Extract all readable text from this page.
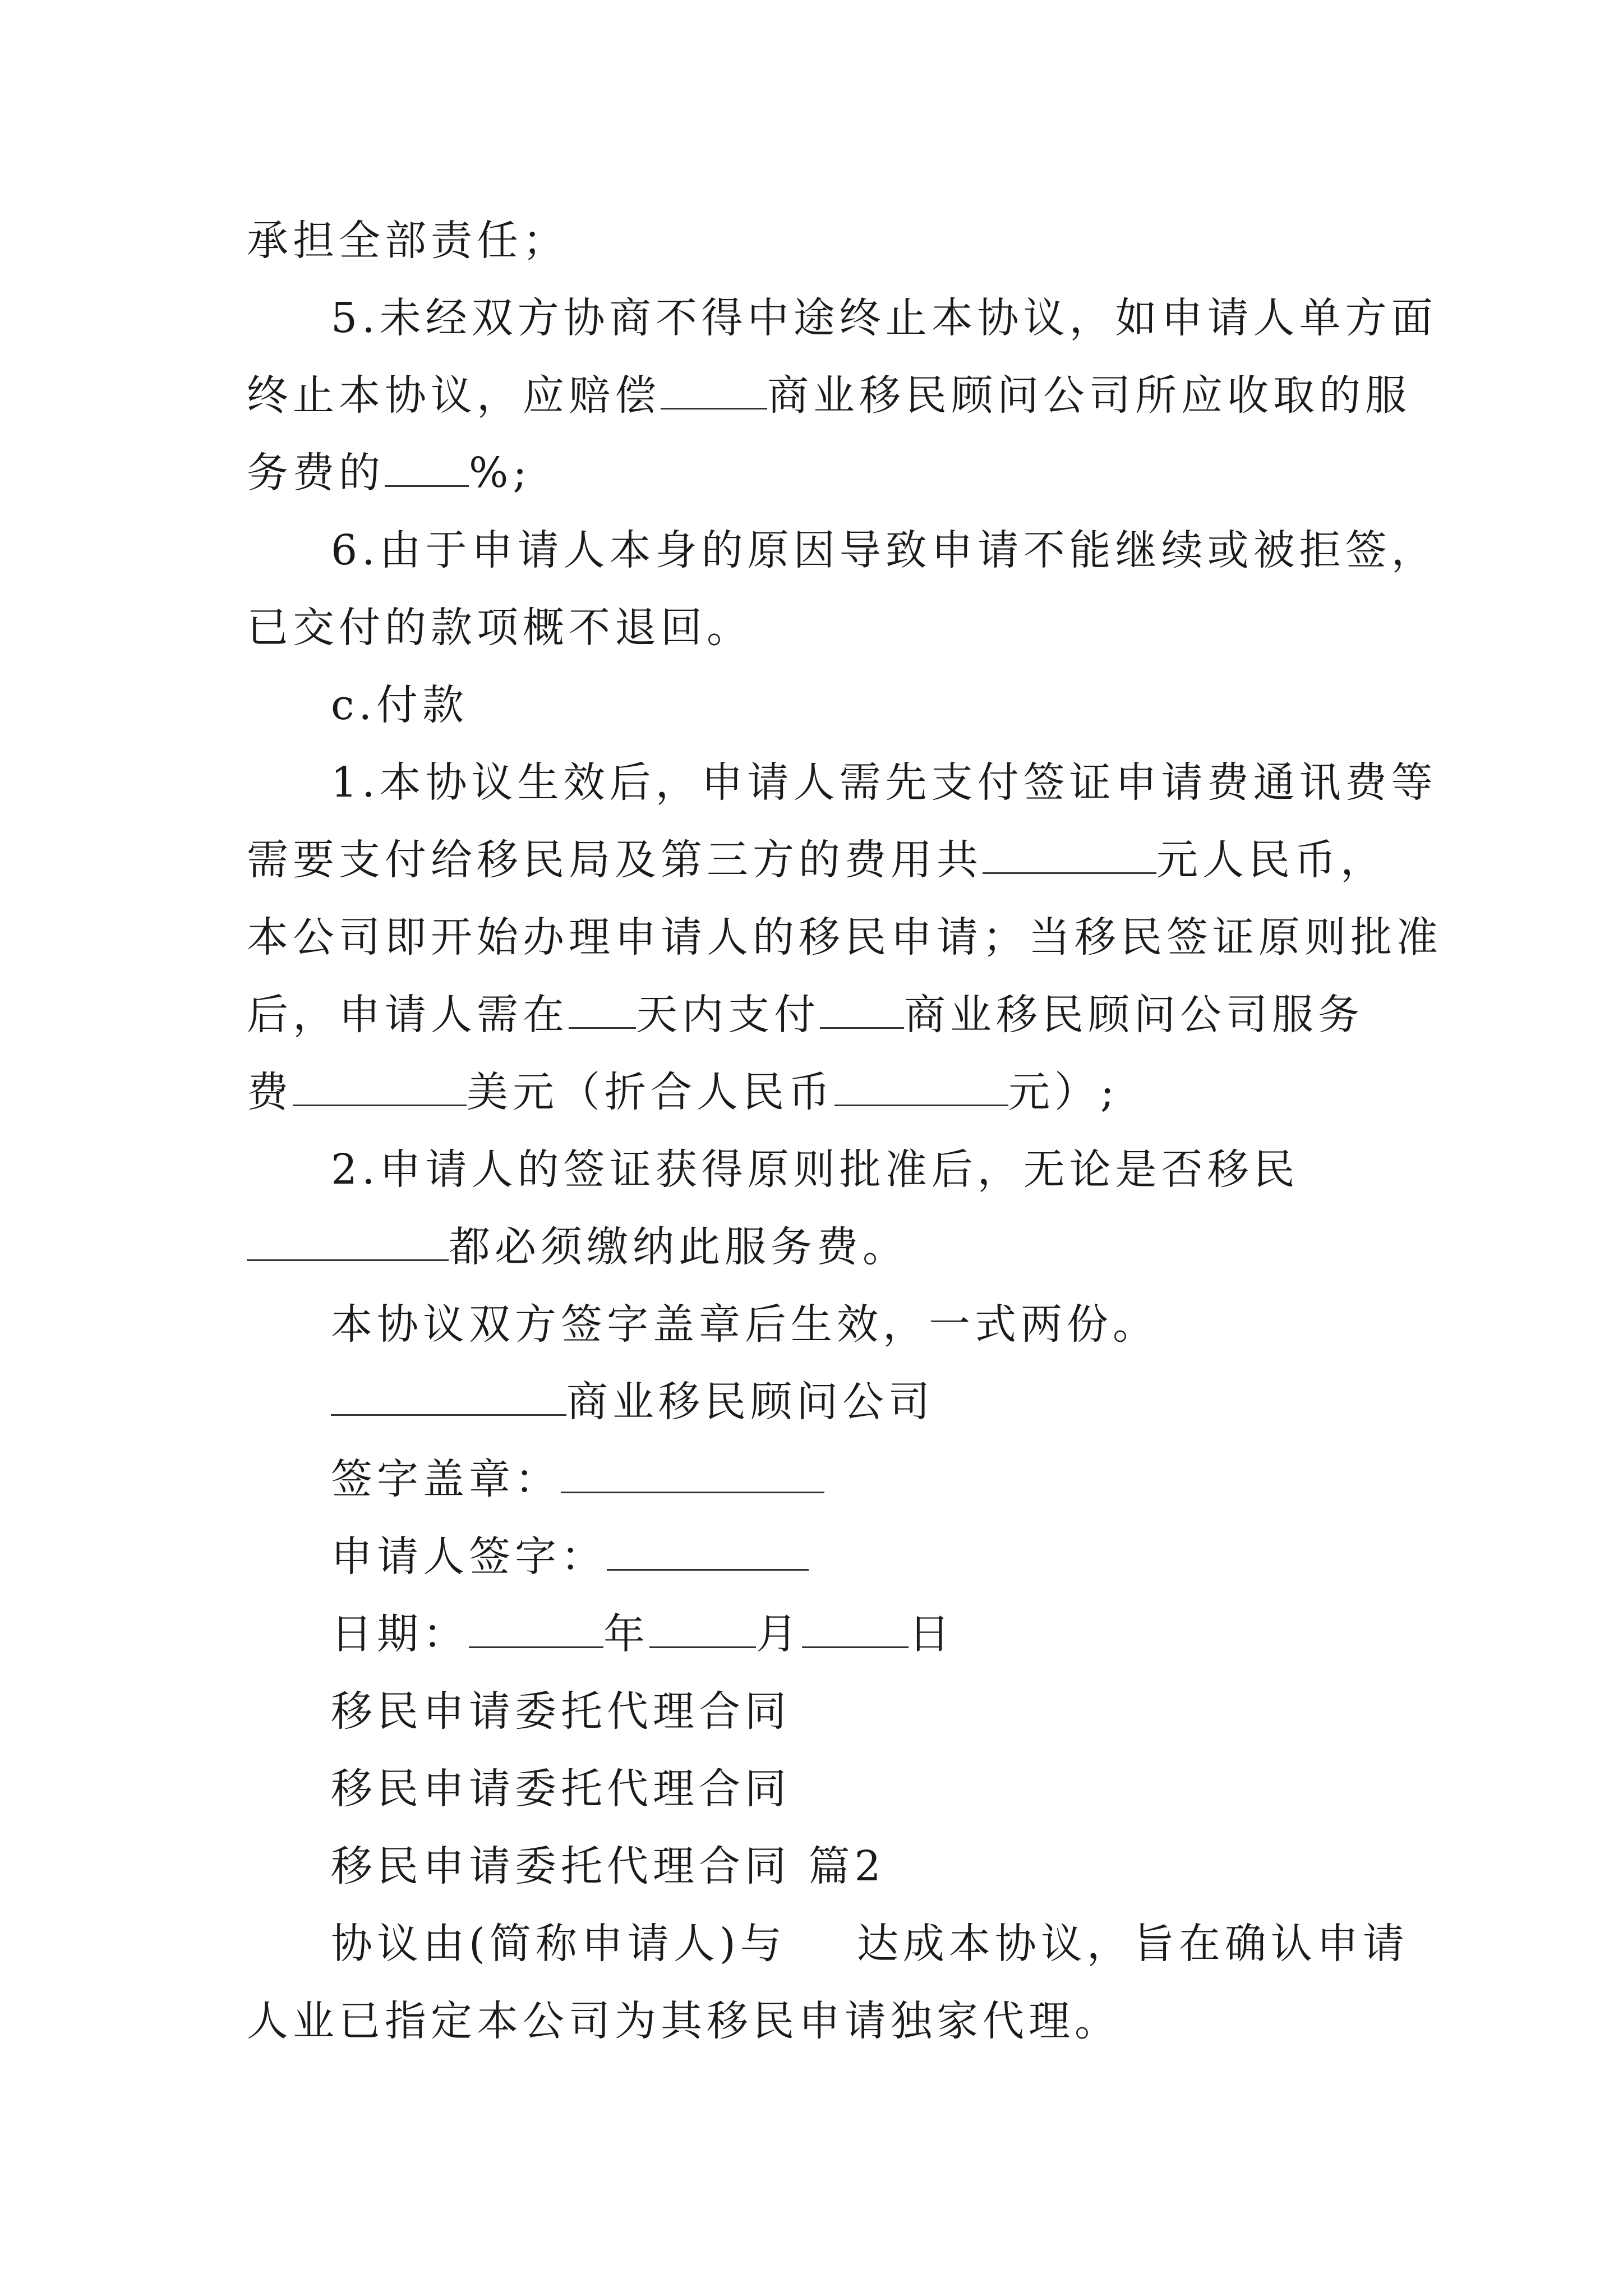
承担全部责任；
5.未经双方协商不得中途终止本协议，如申请人单方面
终止本协议，应赔偿	商业移民顾问公司所应收取的服
务费的 %;
6.由于申请人本身的原因导致申请不能继续或被拒签，
已交付的款项概不退回。
c.付款
1.本协议生效后，申请人需先支付签证申请费通讯费等
需要支付给移民局及第三方的费用共	元人民币，
本公司即开始办理申请人的移民申请；当移民签证原则批准
后，申请人需在 天内支付 商业移民顾问公司服务
费	美元（折合人民币	元）;
2.申请人的签证获得原则批准后，无论是否移民
都必须缴纳此服务费。
本协议双方签字盖章后生效，一式两份。
商业移民顾问公司
签字盖章：
申请人签字：
日期：	年	月	日
移民申请委托代理合同
移民申请委托代理合同
移民申请委托代理合同 篇2
协议由(简称申请人)与    达成本协议，旨在确认申请
人业已指定本公司为其移民申请独家代理。
